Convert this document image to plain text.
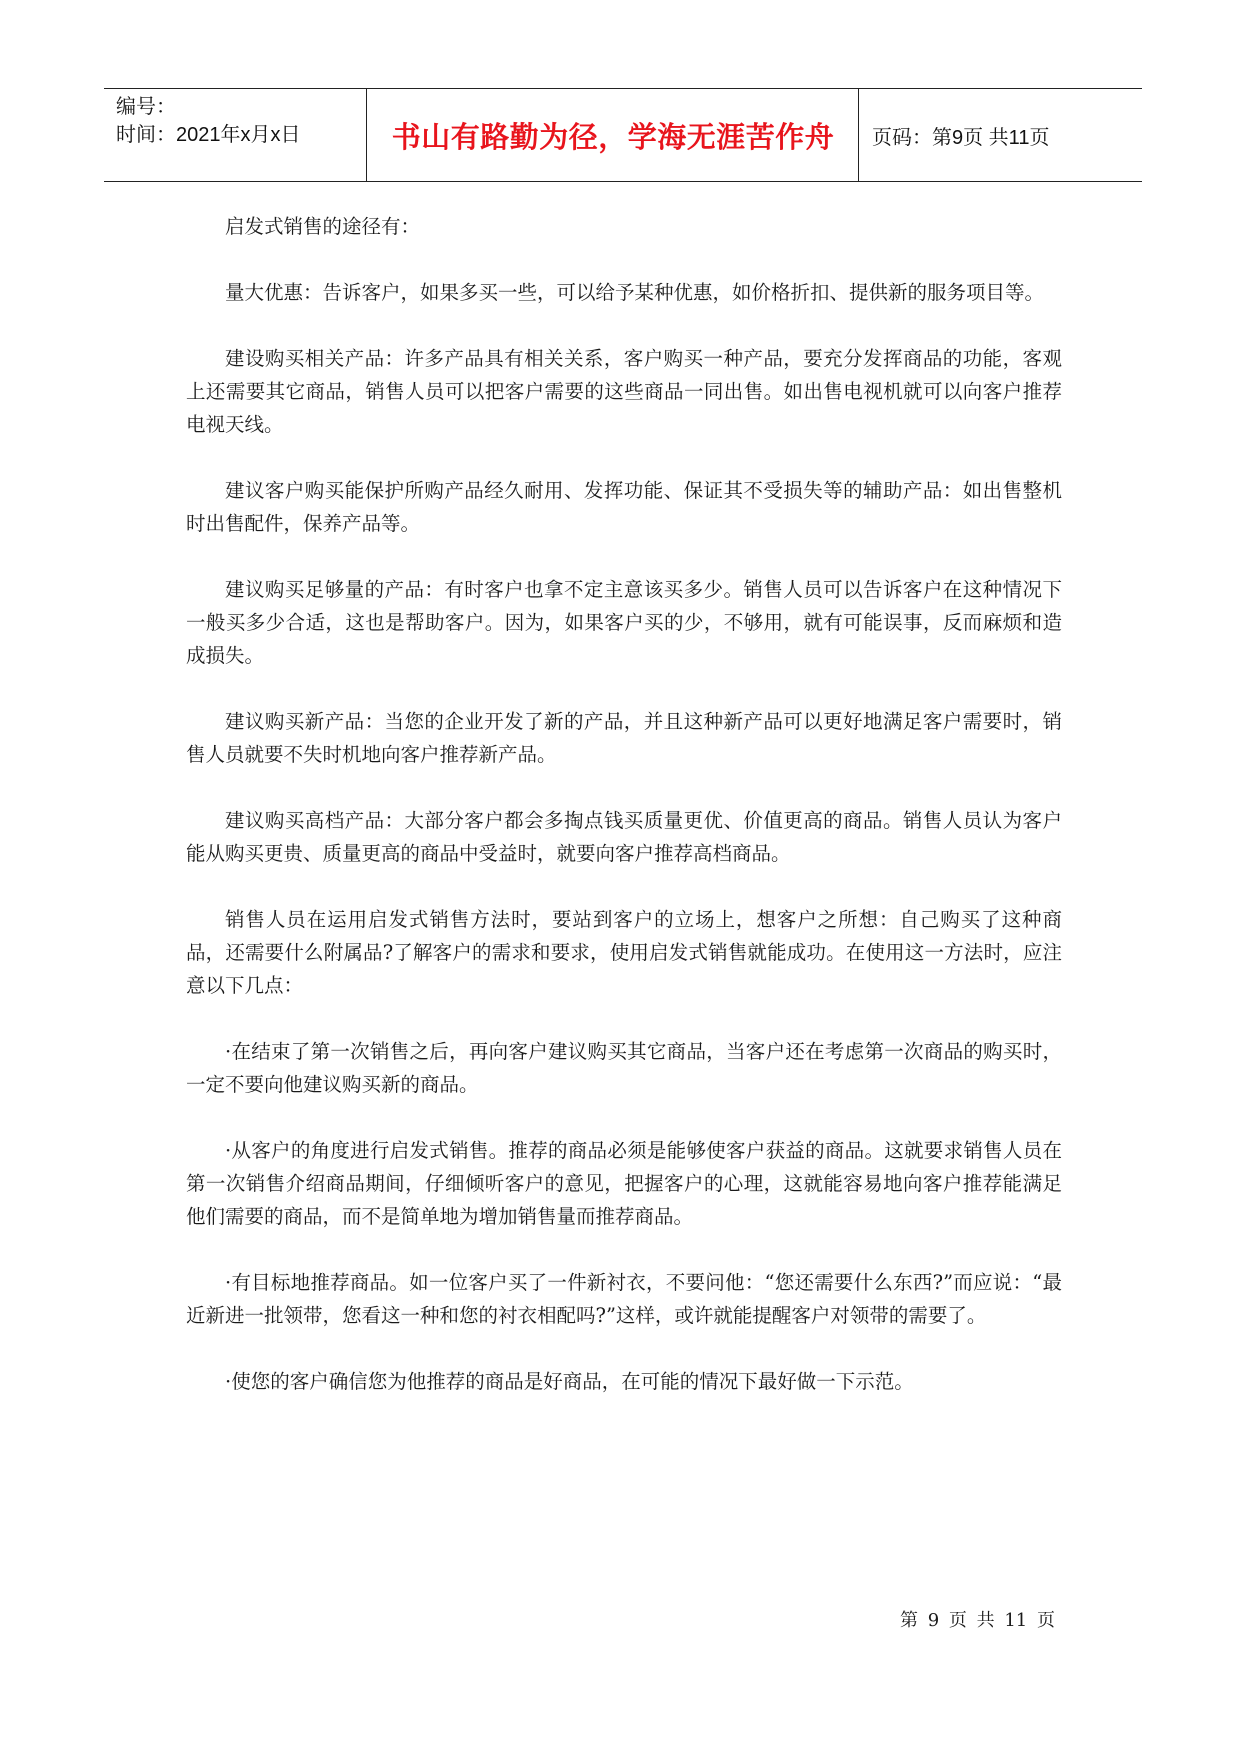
编号：
时间：2021年x月x日	书山有路勤为径，学海无涯苦作舟	页码：第9页 共11页

启发式销售的途径有：

量大优惠：告诉客户，如果多买一些，可以给予某种优惠，如价格折扣、提供新的服务项目等。

建设购买相关产品：许多产品具有相关关系，客户购买一种产品，要充分发挥商品的功能，客观上还需要其它商品，销售人员可以把客户需要的这些商品一同出售。如出售电视机就可以向客户推荐电视天线。

建议客户购买能保护所购产品经久耐用、发挥功能、保证其不受损失等的辅助产品：如出售整机时出售配件，保养产品等。

建议购买足够量的产品：有时客户也拿不定主意该买多少。销售人员可以告诉客户在这种情况下一般买多少合适，这也是帮助客户。因为，如果客户买的少，不够用，就有可能误事，反而麻烦和造成损失。

建议购买新产品：当您的企业开发了新的产品，并且这种新产品可以更好地满足客户需要时，销售人员就要不失时机地向客户推荐新产品。

建议购买高档产品：大部分客户都会多掏点钱买质量更优、价值更高的商品。销售人员认为客户能从购买更贵、质量更高的商品中受益时，就要向客户推荐高档商品。

销售人员在运用启发式销售方法时，要站到客户的立场上，想客户之所想：自己购买了这种商品，还需要什么附属品?了解客户的需求和要求，使用启发式销售就能成功。在使用这一方法时，应注意以下几点：

·在结束了第一次销售之后，再向客户建议购买其它商品，当客户还在考虑第一次商品的购买时，一定不要向他建议购买新的商品。

·从客户的角度进行启发式销售。推荐的商品必须是能够使客户获益的商品。这就要求销售人员在第一次销售介绍商品期间，仔细倾听客户的意见，把握客户的心理，这就能容易地向客户推荐能满足他们需要的商品，而不是简单地为增加销售量而推荐商品。

·有目标地推荐商品。如一位客户买了一件新衬衣，不要问他：“您还需要什么东西?”而应说：“最近新进一批领带，您看这一种和您的衬衣相配吗?”这样，或许就能提醒客户对领带的需要了。

·使您的客户确信您为他推荐的商品是好商品，在可能的情况下最好做一下示范。

第 9 页 共 11 页
